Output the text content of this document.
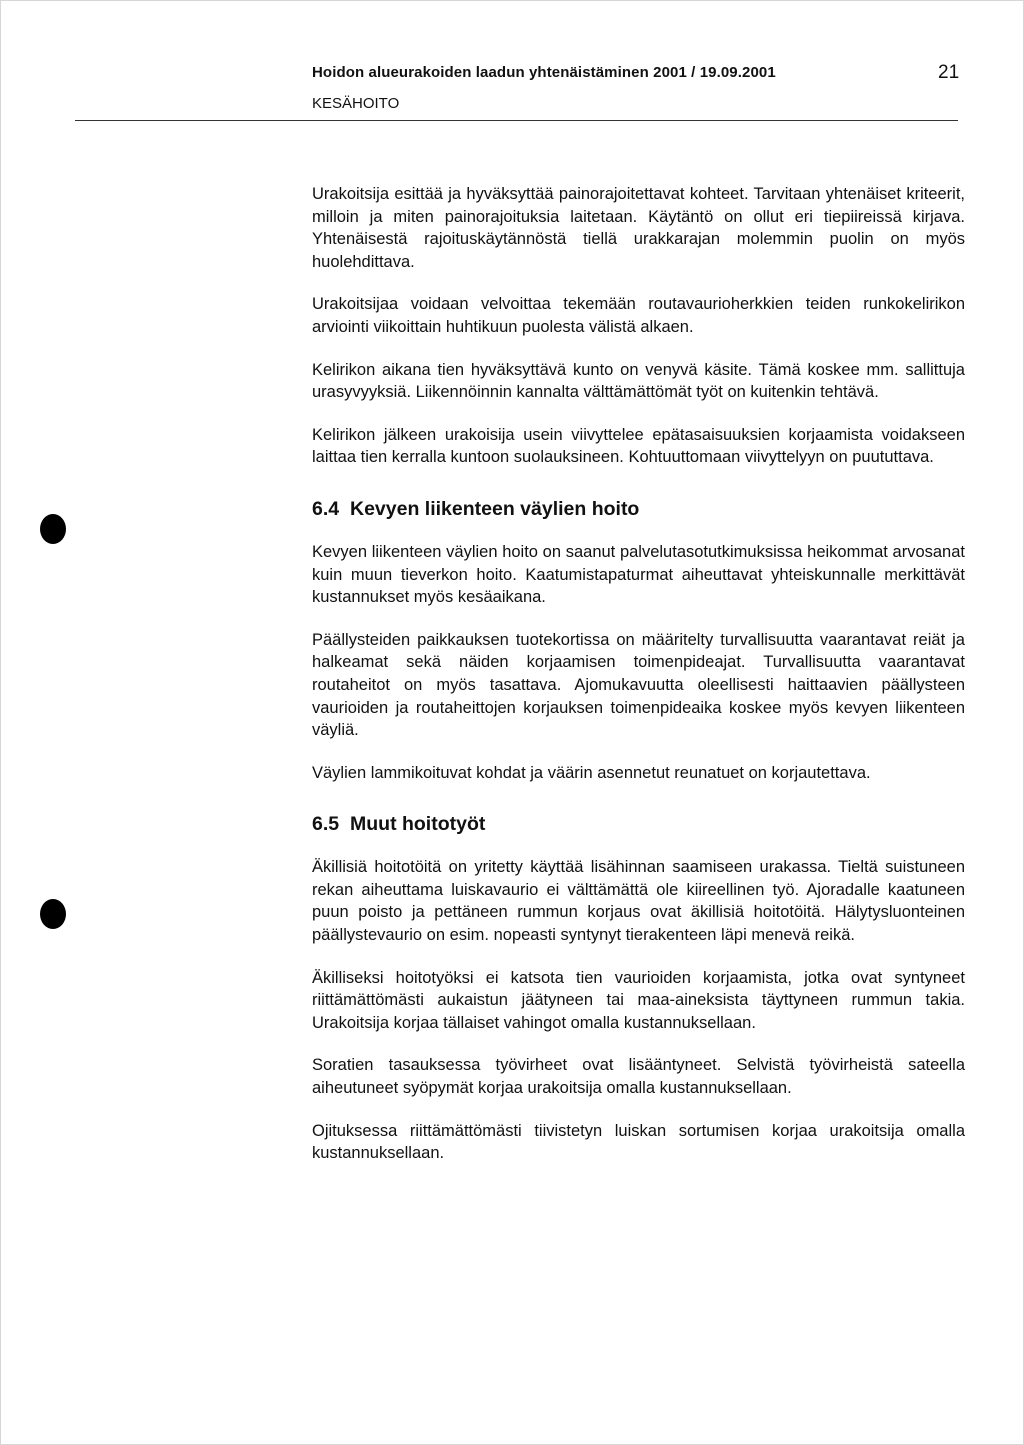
Hoidon alueurakoiden laadun yhtenäistäminen 2001 / 19.09.2001	21
KESÄHOITO

Urakoitsija esittää ja hyväksyttää painorajoitettavat kohteet. Tarvitaan yhtenäiset kriteerit, milloin ja miten painorajoituksia laitetaan. Käytäntö on ollut eri tiepiireissä kirjava. Yhtenäisestä rajoituskäytännöstä tiellä urakkarajan molemmin puolin on myös huolehdittava.

Urakoitsijaa voidaan velvoittaa tekemään routavaurioherkkien teiden runkokelirikon arviointi viikoittain huhtikuun puolesta välistä alkaen.

Kelirikon aikana tien hyväksyttävä kunto on venyvä käsite. Tämä koskee mm. sallittuja urasyvyyksiä. Liikennöinnin kannalta välttämättömät työt on kuitenkin tehtävä.

Kelirikon jälkeen urakoisija usein viivyttelee epätasaisuuksien korjaamista voidakseen laittaa tien kerralla kuntoon suolauksineen. Kohtuuttomaan viivyttelyyn on puututtava.

6.4 Kevyen liikenteen väylien hoito

Kevyen liikenteen väylien hoito on saanut palvelutasotutkimuksissa heikommat arvosanat kuin muun tieverkon hoito. Kaatumistapaturmat aiheuttavat yhteiskunnalle merkittävät kustannukset myös kesäaikana.

Päällysteiden paikkauksen tuotekortissa on määritelty turvallisuutta vaarantavat reiät ja halkeamat sekä näiden korjaamisen toimenpideajat. Turvallisuutta vaarantavat routaheitot on myös tasattava. Ajomukavuutta oleellisesti haittaavien päällysteen vaurioiden ja routaheittojen korjauksen toimenpideaika koskee myös kevyen liikenteen väyliä.

Väylien lammikoituvat kohdat ja väärin asennetut reunatuet on korjautettava.

6.5 Muut hoitotyöt

Äkillisiä hoitotöitä on yritetty käyttää lisähinnan saamiseen urakassa. Tieltä suistuneen rekan aiheuttama luiskavaurio ei välttämättä ole kiireellinen työ. Ajoradalle kaatuneen puun poisto ja pettäneen rummun korjaus ovat äkillisiä hoitotöitä. Hälytysluonteinen päällystevaurio on esim. nopeasti syntynyt tierakenteen läpi menevä reikä.

Äkilliseksi hoitotyöksi ei katsota tien vaurioiden korjaamista, jotka ovat syntyneet riittämättömästi aukaistun jäätyneen tai maa-aineksista täyttyneen rummun takia. Urakoitsija korjaa tällaiset vahingot omalla kustannuksellaan.

Soratien tasauksessa työvirheet ovat lisääntyneet. Selvistä työvirheistä sateella aiheutuneet syöpymät korjaa urakoitsija omalla kustannuksellaan.

Ojituksessa riittämättömästi tiivistetyn luiskan sortumisen korjaa urakoitsija omalla kustannuksellaan.
